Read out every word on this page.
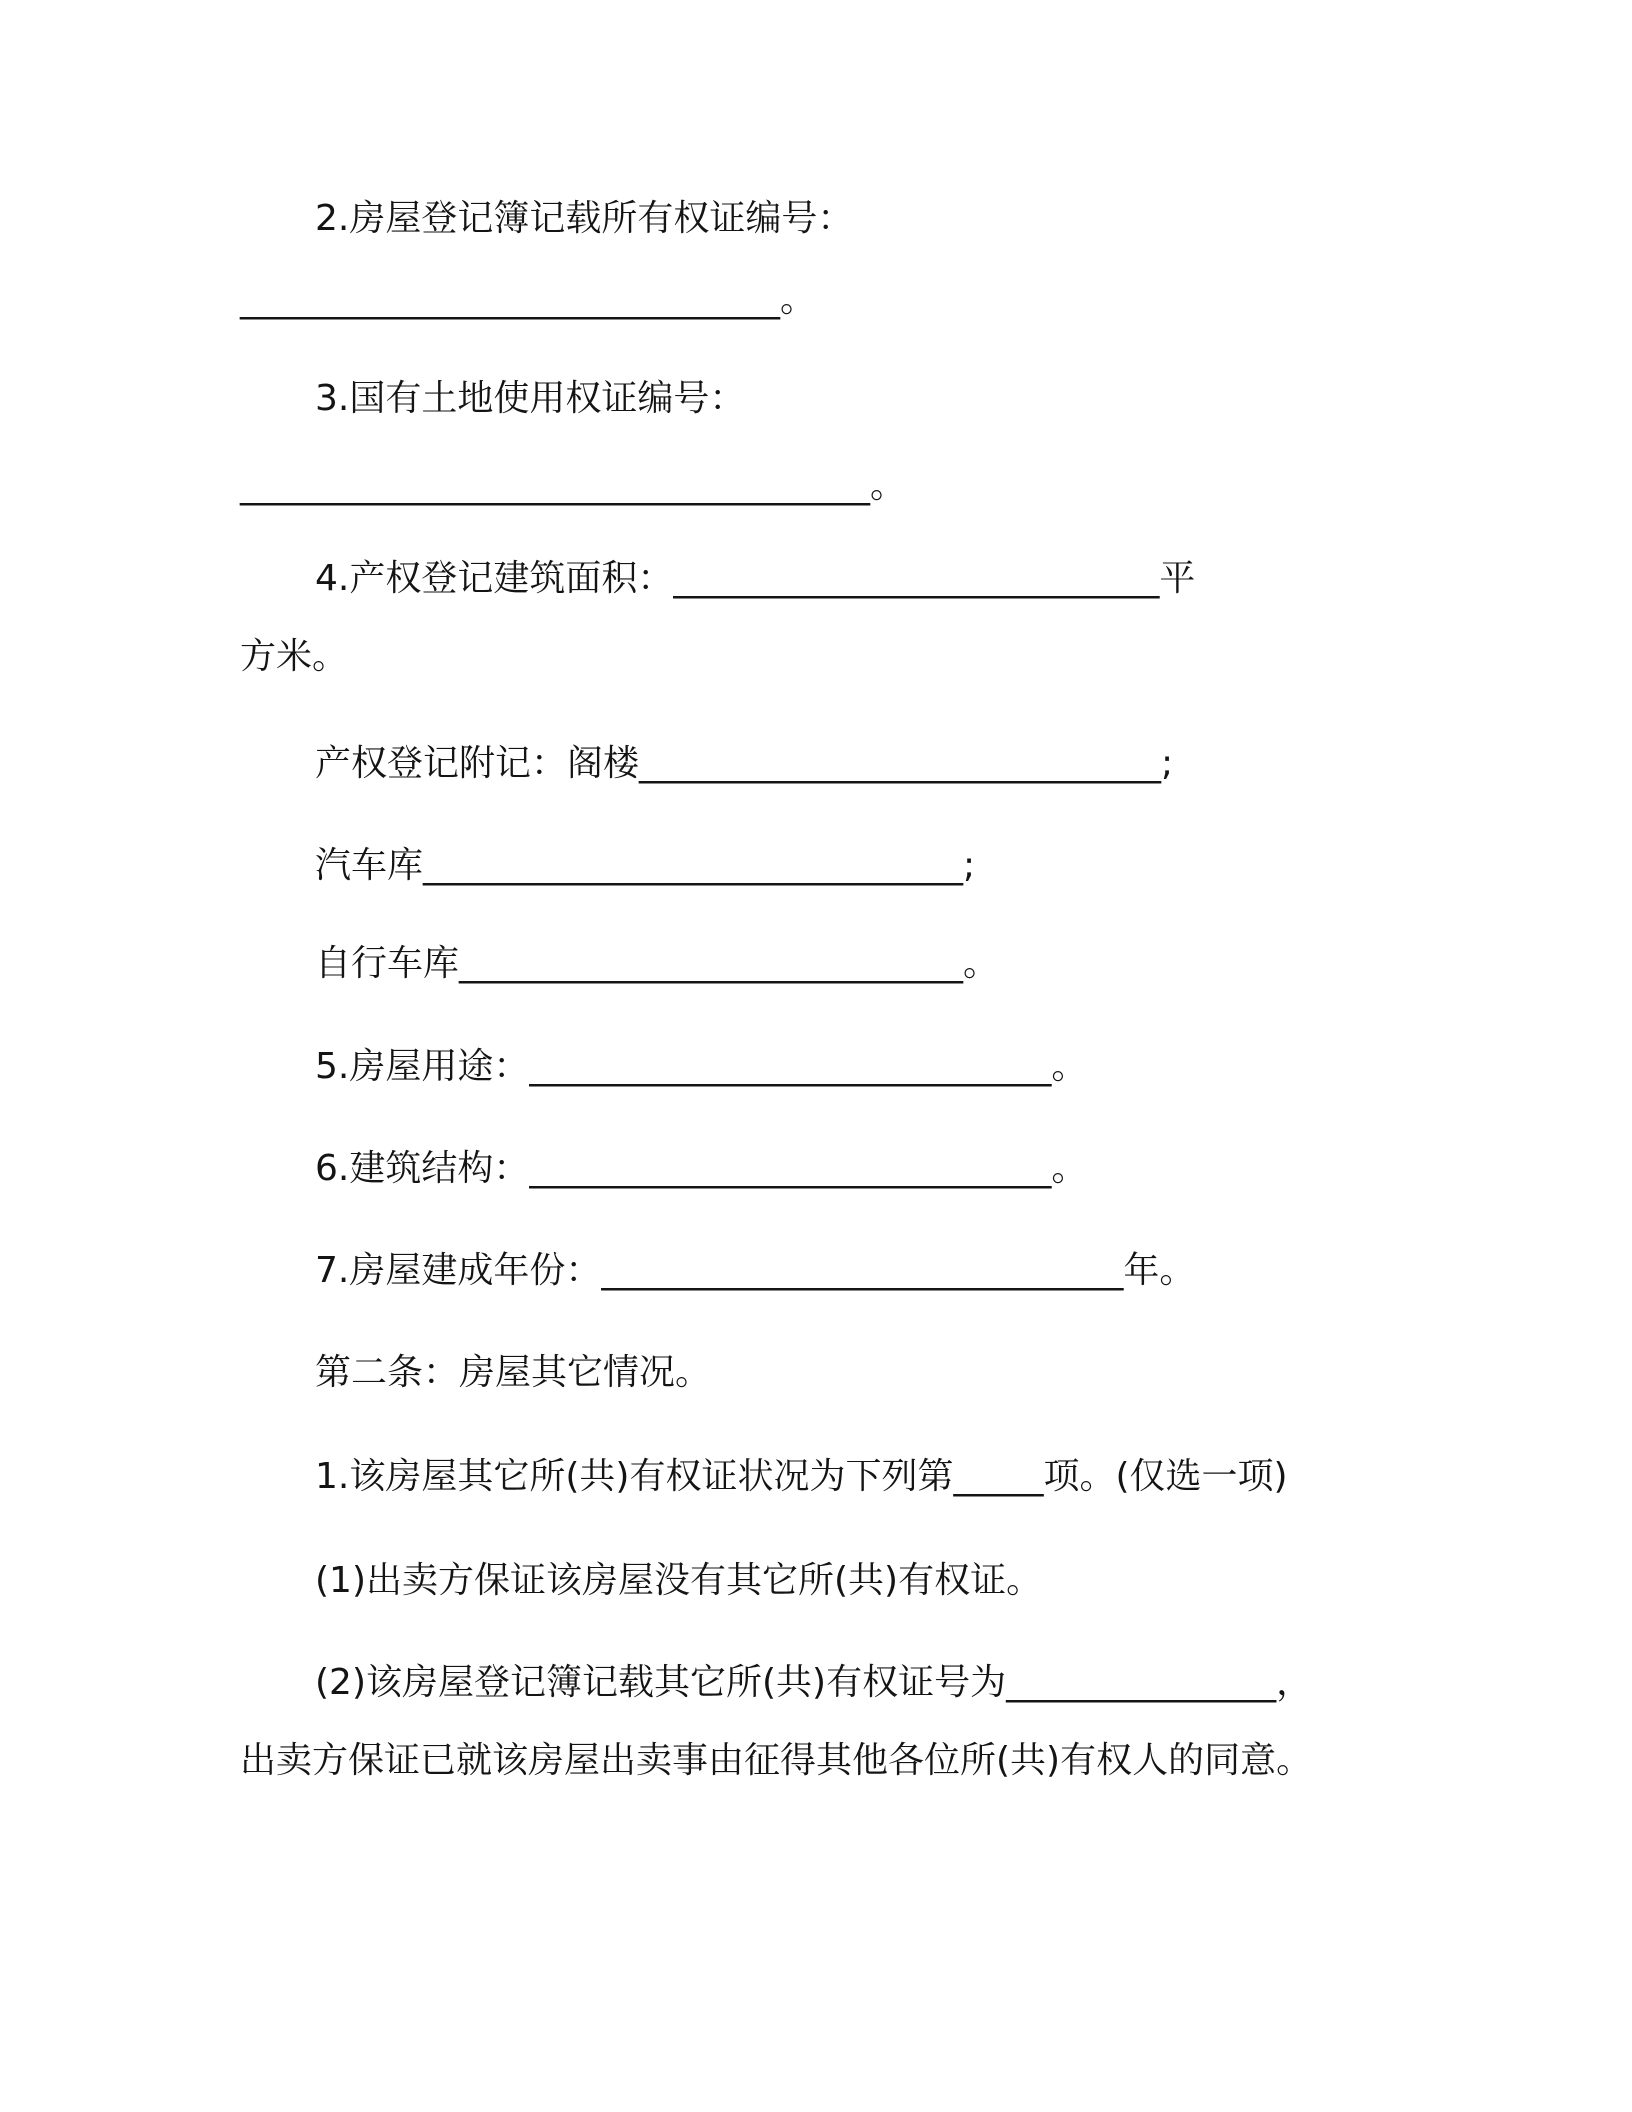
2.房屋登记簿记载所有权证编号：
______________________________。
3.国有土地使用权证编号：
___________________________________。
4.产权登记建筑面积：___________________________平
方米。
产权登记附记：阁楼_____________________________;
汽车库______________________________;
自行车库____________________________。
5.房屋用途：_____________________________。
6.建筑结构：_____________________________。
7.房屋建成年份：_____________________________年。
第二条：房屋其它情况。
1.该房屋其它所(共)有权证状况为下列第_____项。(仅选一项)
(1)出卖方保证该房屋没有其它所(共)有权证。
(2)该房屋登记簿记载其它所(共)有权证号为_______________，
出卖方保证已就该房屋出卖事由征得其他各位所(共)有权人的同意。
